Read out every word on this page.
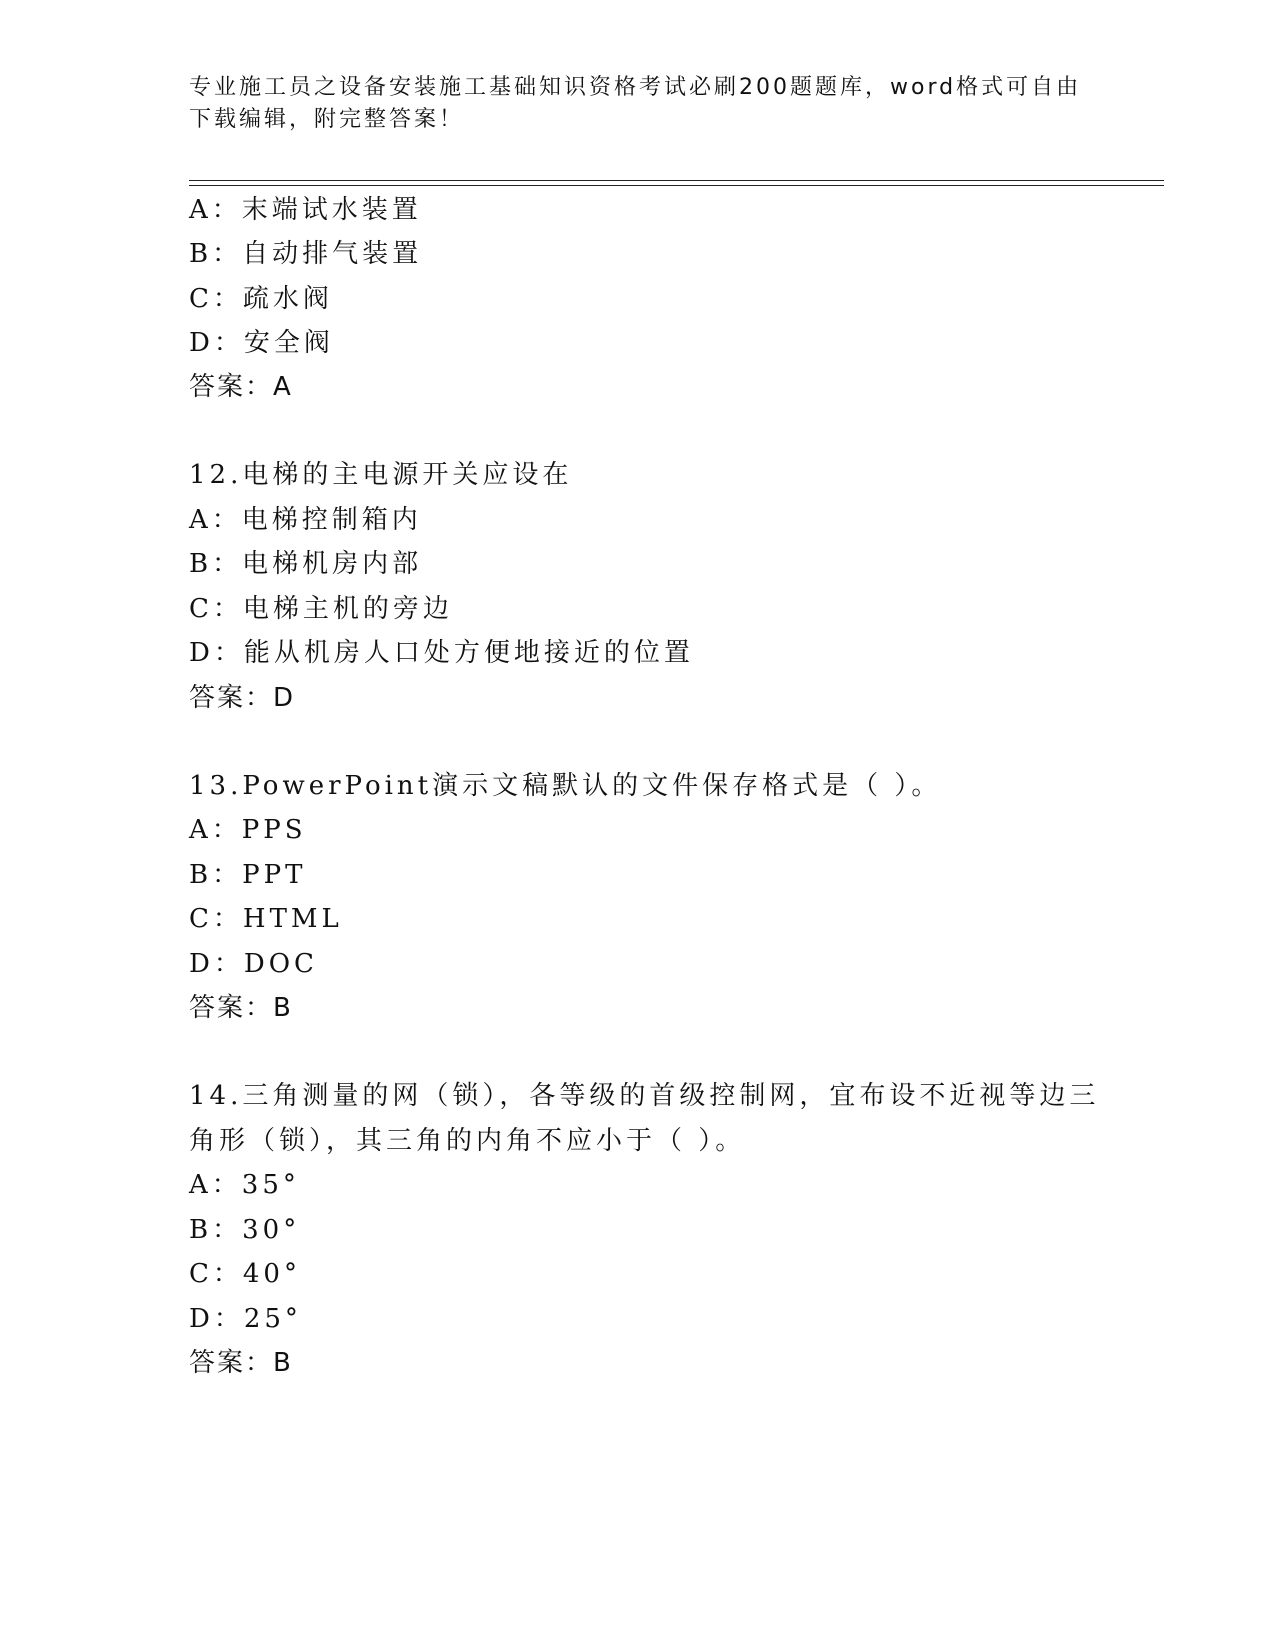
专业施工员之设备安装施工基础知识资格考试必刷200题题库，word格式可自由
下载编辑，附完整答案！
A：末端试水装置
B：自动排气装置
C：疏水阀
D：安全阀
答案：A
12.电梯的主电源开关应设在
A：电梯控制箱内
B：电梯机房内部
C：电梯主机的旁边
D：能从机房人口处方便地接近的位置
答案：D
13.PowerPoint演示文稿默认的文件保存格式是（ ）。
A：PPS
B：PPT
C：HTML
D：DOC
答案：B
14.三角测量的网（锁），各等级的首级控制网，宜布设不近视等边三
角形（锁），其三角的内角不应小于（ ）。
A：35°
B：30°
C：40°
D：25°
答案：B
